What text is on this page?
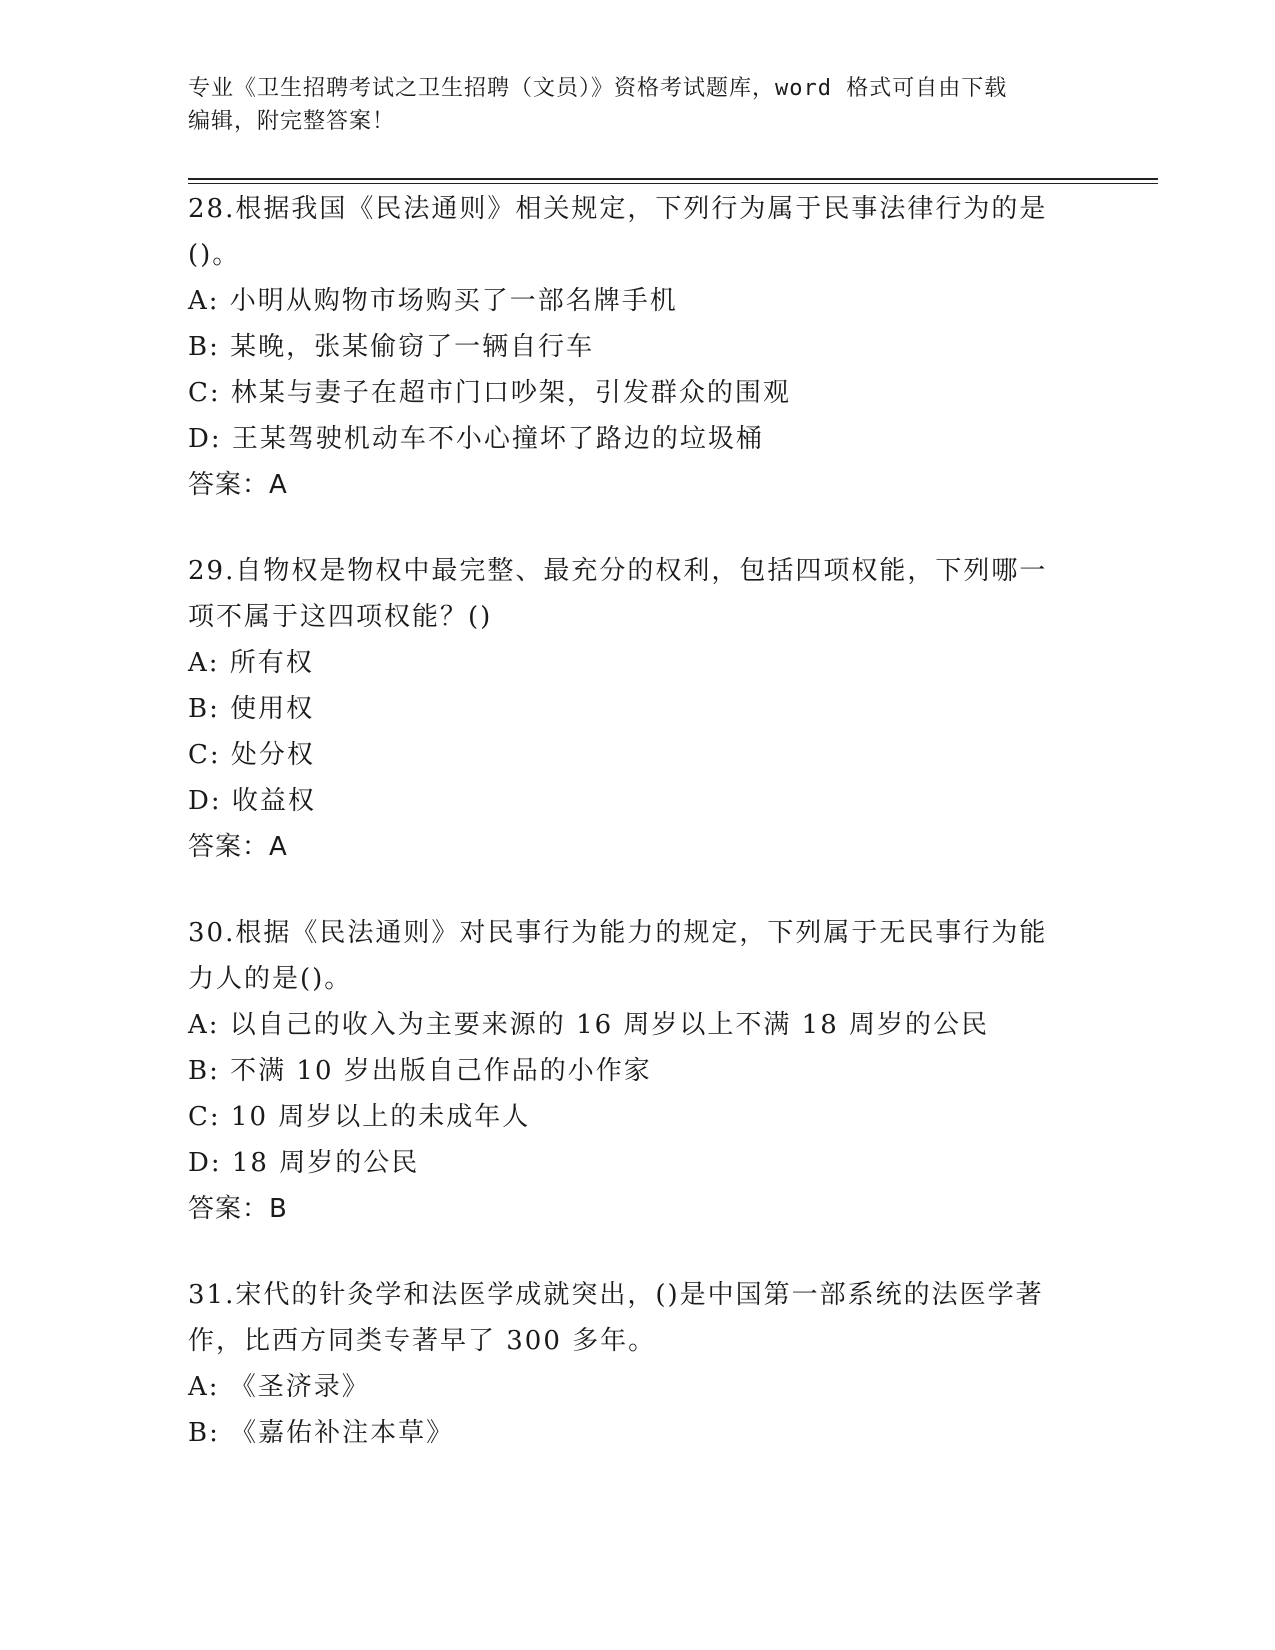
专业《卫生招聘考试之卫生招聘（文员）》资格考试题库，word 格式可自由下载
编辑，附完整答案！
28.根据我国《民法通则》相关规定，下列行为属于民事法律行为的是
()。
A: 小明从购物市场购买了一部名牌手机
B: 某晚，张某偷窃了一辆自行车
C: 林某与妻子在超市门口吵架，引发群众的围观
D: 王某驾驶机动车不小心撞坏了路边的垃圾桶
答案：A
29.自物权是物权中最完整、最充分的权利，包括四项权能，下列哪一
项不属于这四项权能？()
A: 所有权
B: 使用权
C: 处分权
D: 收益权
答案：A
30.根据《民法通则》对民事行为能力的规定，下列属于无民事行为能
力人的是()。
A: 以自己的收入为主要来源的 16 周岁以上不满 18 周岁的公民
B: 不满 10 岁出版自己作品的小作家
C: 10 周岁以上的未成年人
D: 18 周岁的公民
答案：B
31.宋代的针灸学和法医学成就突出，()是中国第一部系统的法医学著
作，比西方同类专著早了 300 多年。
A: 《圣济录》
B: 《嘉佑补注本草》
